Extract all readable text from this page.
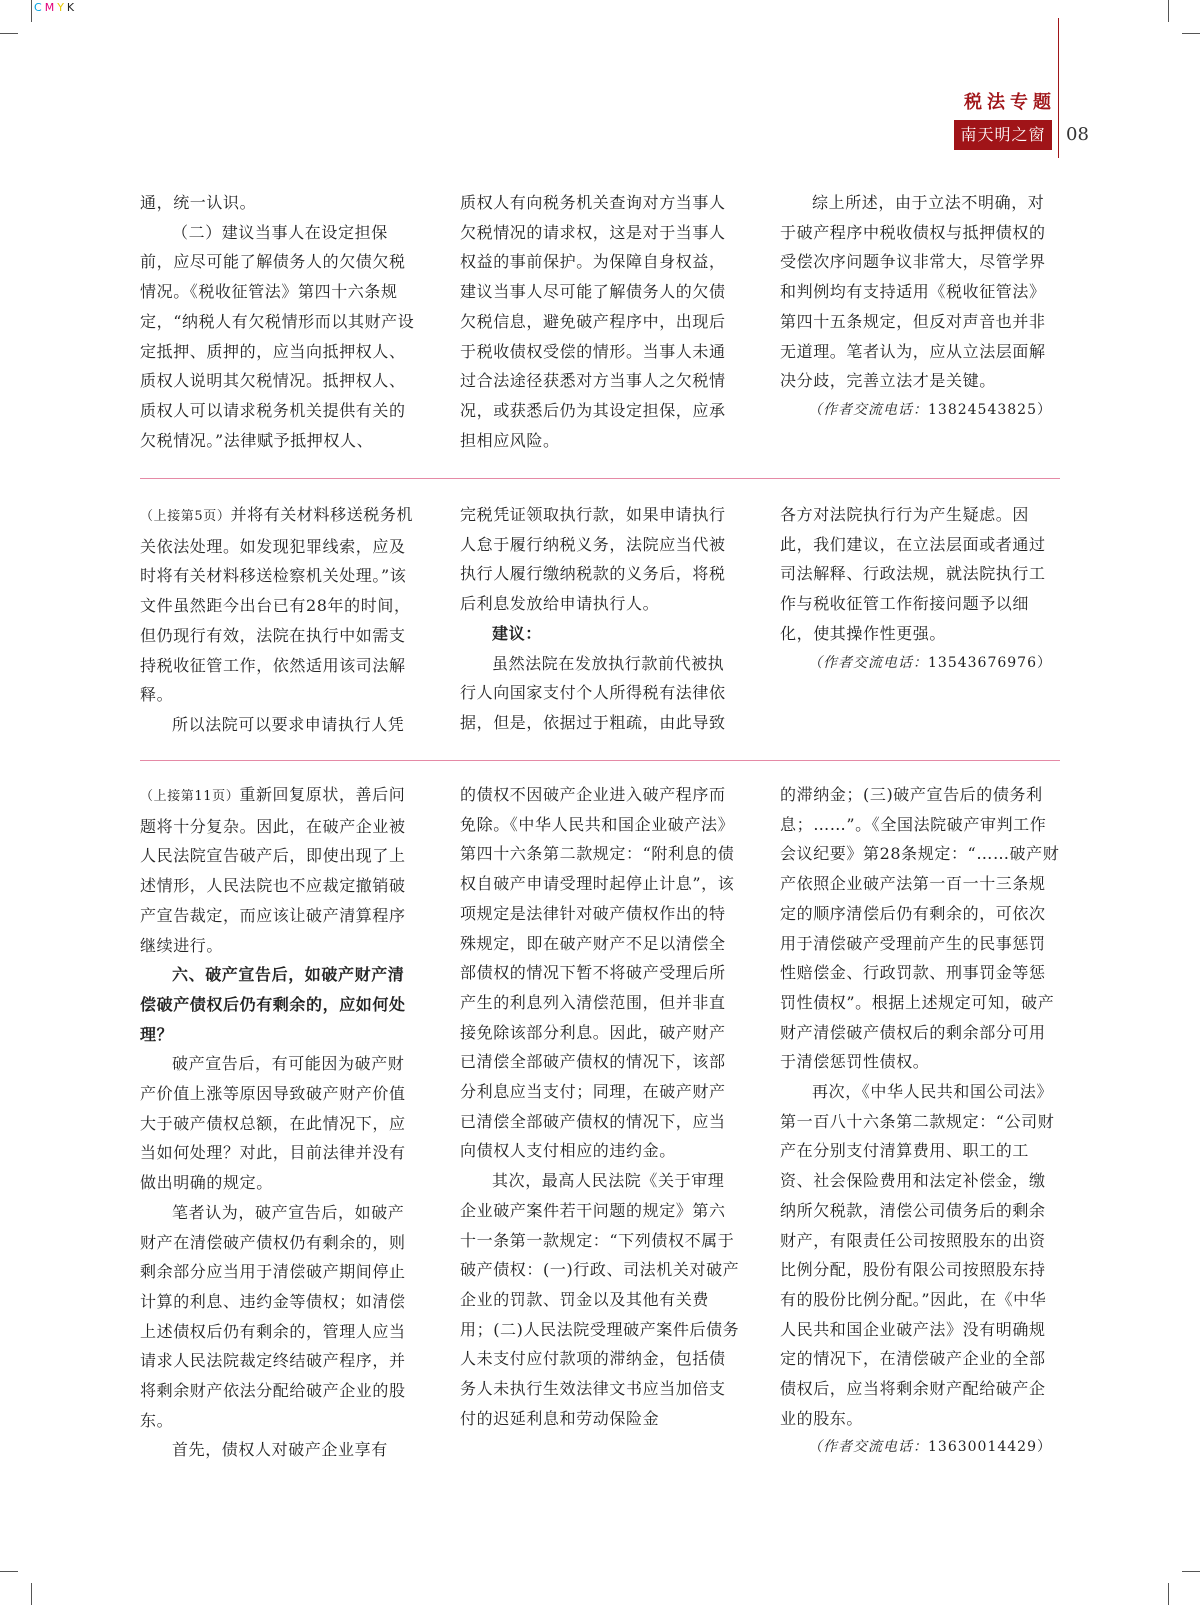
CMYK
税法专题
南天明之窗	08

通，统一认识。

（二）建议当事人在设定担保前，应尽可能了解债务人的欠债欠税情况。《税收征管法》第四十六条规定，“纳税人有欠税情形而以其财产设定抵押、质押的，应当向抵押权人、质权人说明其欠税情况。抵押权人、质权人可以请求税务机关提供有关的欠税情况。”法律赋予抵押权人、

质权人有向税务机关查询对方当事人欠税情况的请求权，这是对于当事人权益的事前保护。为保障自身权益，建议当事人尽可能了解债务人的欠债欠税信息，避免破产程序中，出现后于税收债权受偿的情形。当事人未通过合法途径获悉对方当事人之欠税情况，或获悉后仍为其设定担保，应承担相应风险。

综上所述，由于立法不明确，对于破产程序中税收债权与抵押债权的受偿次序问题争议非常大，尽管学界和判例均有支持适用《税收征管法》第四十五条规定，但反对声音也并非无道理。笔者认为，应从立法层面解决分歧，完善立法才是关键。

（作者交流电话：13824543825）

（上接第5页）并将有关材料移送税务机关依法处理。如发现犯罪线索，应及时将有关材料移送检察机关处理。”该文件虽然距今出台已有28年的时间，但仍现行有效，法院在执行中如需支持税收征管工作，依然适用该司法解释。

所以法院可以要求申请执行人凭

完税凭证领取执行款，如果申请执行人怠于履行纳税义务，法院应当代被执行人履行缴纳税款的义务后，将税后利息发放给申请执行人。

建议：

虽然法院在发放执行款前代被执行人向国家支付个人所得税有法律依据，但是，依据过于粗疏，由此导致

各方对法院执行行为产生疑虑。因此，我们建议，在立法层面或者通过司法解释、行政法规，就法院执行工作与税收征管工作衔接问题予以细化，使其操作性更强。

（作者交流电话：13543676976）

（上接第11页）重新回复原状，善后问题将十分复杂。因此，在破产企业被人民法院宣告破产后，即使出现了上述情形，人民法院也不应裁定撤销破产宣告裁定，而应该让破产清算程序继续进行。

六、破产宣告后，如破产财产清偿破产债权后仍有剩余的，应如何处理？

破产宣告后，有可能因为破产财产价值上涨等原因导致破产财产价值大于破产债权总额，在此情况下，应当如何处理？对此，目前法律并没有做出明确的规定。

笔者认为，破产宣告后，如破产财产在清偿破产债权仍有剩余的，则剩余部分应当用于清偿破产期间停止计算的利息、违约金等债权；如清偿上述债权后仍有剩余的，管理人应当请求人民法院裁定终结破产程序，并将剩余财产依法分配给破产企业的股东。

首先，债权人对破产企业享有

的债权不因破产企业进入破产程序而免除。《中华人民共和国企业破产法》第四十六条第二款规定：“附利息的债权自破产申请受理时起停止计息”，该项规定是法律针对破产债权作出的特殊规定，即在破产财产不足以清偿全部债权的情况下暂不将破产受理后所产生的利息列入清偿范围，但并非直接免除该部分利息。因此，破产财产已清偿全部破产债权的情况下，该部分利息应当支付；同理，在破产财产已清偿全部破产债权的情况下，应当向债权人支付相应的违约金。

其次，最高人民法院《关于审理企业破产案件若干问题的规定》第六十一条第一款规定：“下列债权不属于破产债权：(一)行政、司法机关对破产企业的罚款、罚金以及其他有关费用；(二)人民法院受理破产案件后债务人未支付应付款项的滞纳金，包括债务人未执行生效法律文书应当加倍支付的迟延利息和劳动保险金

的滞纳金；(三)破产宣告后的债务利息；……”。《全国法院破产审判工作会议纪要》第28条规定：“……破产财产依照企业破产法第一百一十三条规定的顺序清偿后仍有剩余的，可依次用于清偿破产受理前产生的民事惩罚性赔偿金、行政罚款、刑事罚金等惩罚性债权”。根据上述规定可知，破产财产清偿破产债权后的剩余部分可用于清偿惩罚性债权。

再次，《中华人民共和国公司法》第一百八十六条第二款规定：“公司财产在分别支付清算费用、职工的工资、社会保险费用和法定补偿金，缴纳所欠税款，清偿公司债务后的剩余财产，有限责任公司按照股东的出资比例分配，股份有限公司按照股东持有的股份比例分配。”因此，在《中华人民共和国企业破产法》没有明确规定的情况下，在清偿破产企业的全部债权后，应当将剩余财产配给破产企业的股东。

（作者交流电话：13630014429）
